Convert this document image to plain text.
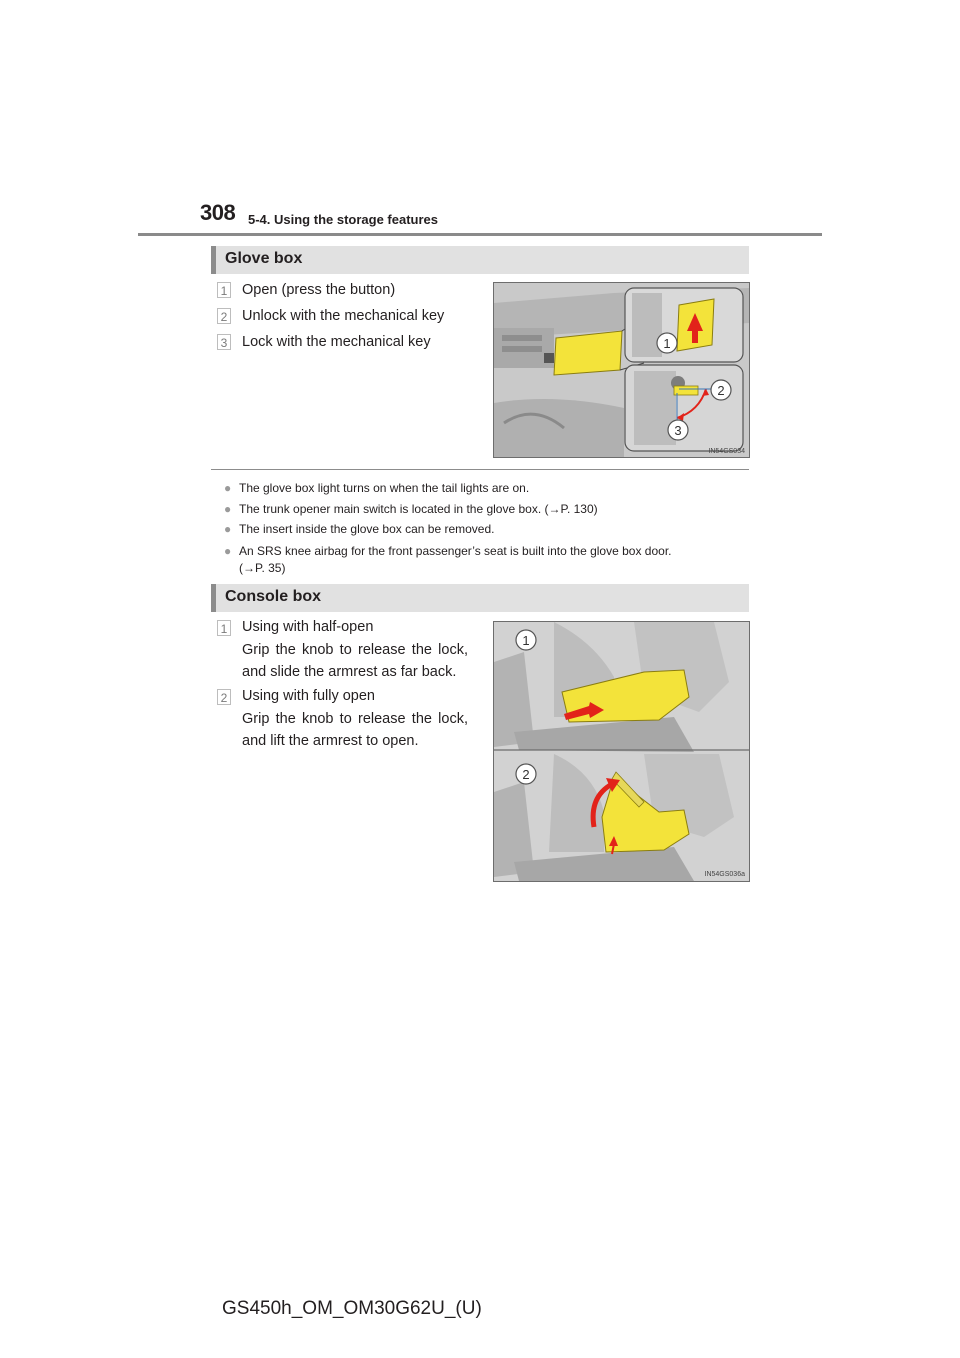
308 5-4. Using the storage features
Glove box
1 Open (press the button)
2 Unlock with the mechanical key
3 Lock with the mechanical key	1
2
3
IN54GS034
● The glove box light turns on when the tail lights are on.
● The trunk opener main switch is located in the glove box. (→P. 130)
● The insert inside the glove box can be removed.
● An SRS knee airbag for the front passenger’s seat is built into the glove box door.
(→P. 35)
Console box
1 Using with half-open
Grip the knob to release the lock, and slide the armrest as far back.
2 Using with fully open
Grip the knob to release the lock, and lift the armrest to open.
1
2
IN54GS036a
GS450h_OM_OM30G62U_(U)
